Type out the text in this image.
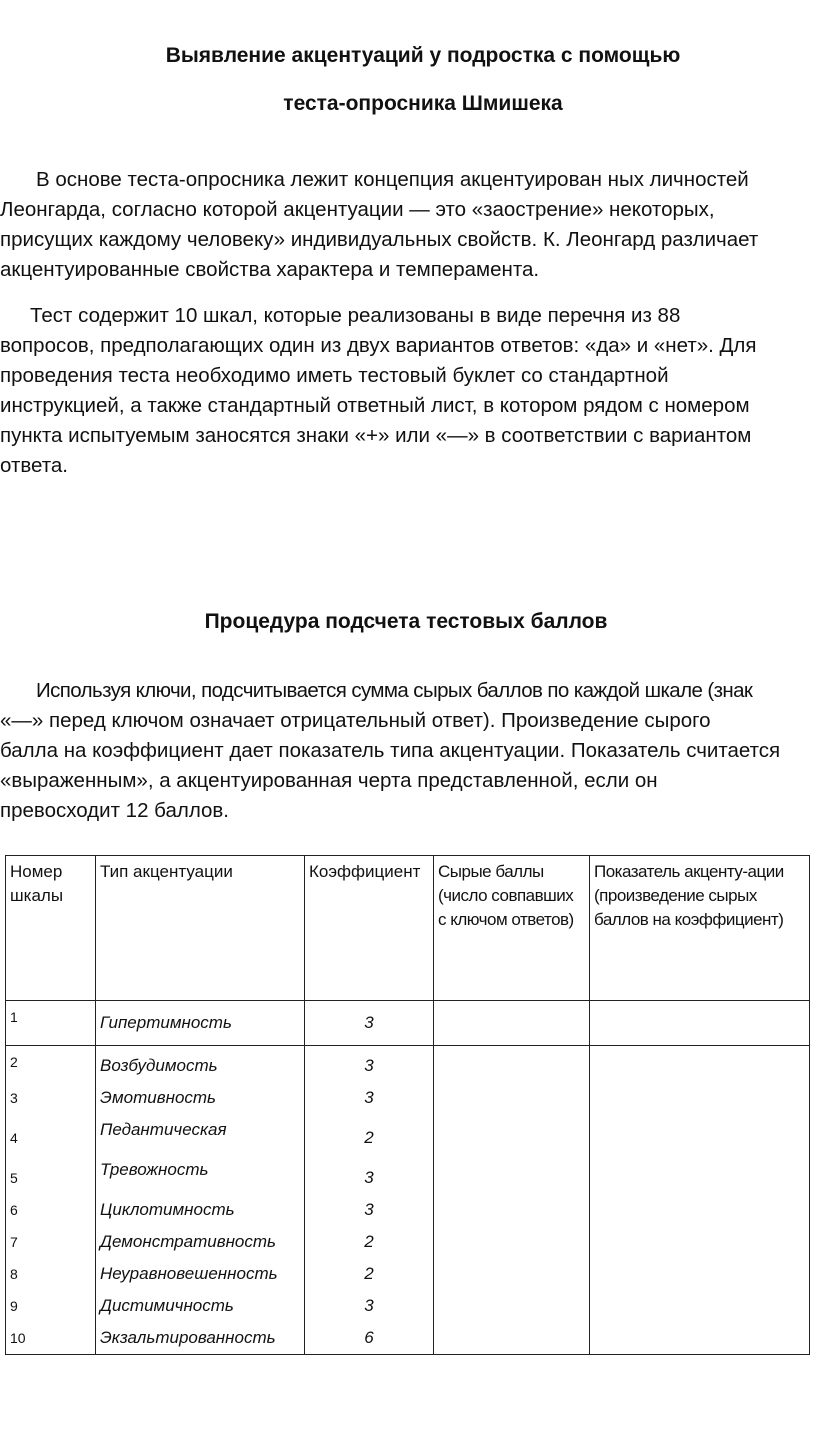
Выявление акцентуаций у подростка с помощью
теста-опросника Шмишека
В основе теста-опросника лежит концепция акцентуирован ных личностей
Леонгарда, согласно которой акцентуации — это «заострение» некоторых,
присущих каждому человеку» индивидуальных свойств. К. Леонгард различает
акцентуированные свойства характера и темперамента.
Тест содержит 10 шкал, которые реализованы в виде перечня из 88
вопросов, предполагающих один из двух вариантов ответов: «да» и «нет». Для
проведения теста необходимо иметь тестовый буклет со стандартной
инструкцией, а также стандартный ответный лист, в котором рядом с номером
пункта испытуемым заносятся знаки «+» или «—» в соответствии с вариантом
ответа.
Процедура подсчета тестовых баллов
Используя ключи, подсчитывается сумма сырых баллов по каждой шкале (знак
«—» перед ключом означает отрицательный ответ). Произведение сырого
балла на коэффициент дает показатель типа акцентуации. Показатель считается
«выраженным», а акцентуированная черта представленной, если он
превосходит 12 баллов.
Номер шкалы	Тип акцентуации	Коэффициент	Сырые баллы (число совпавших с ключом ответов)	Показатель акценту-ации (произведение сырых баллов на коэффициент)
1	Гипертимность	3		
2	Возбудимость	3		
3	Эмотивность	3		
4	Педантическая	2		
5	Тревожность	3		
6	Циклотимность	3		
7	Демонстративность	2		
8	Неуравновешенность	2		
9	Дистимичность	3		
10	Экзальтированность	6		
